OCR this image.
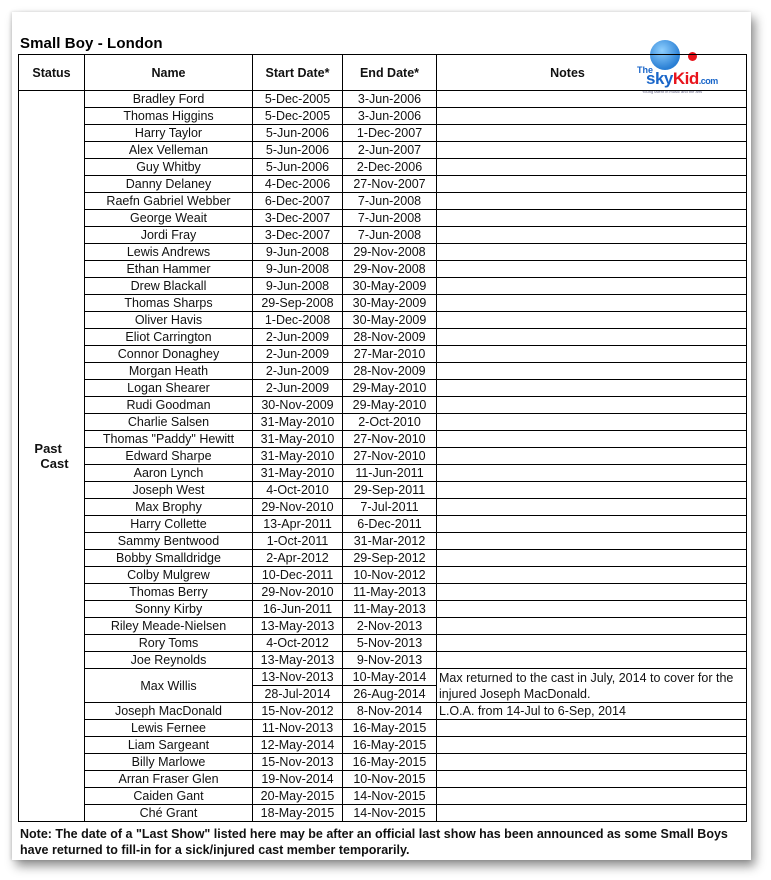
Small Boy - London
The
skyKid.com
Young talent in music and the arts
Status	Name	Start Date*	End Date*	Notes

Past
Cast	Bradley Ford	5-Dec-2005	3-Jun-2006	
	Thomas Higgins	5-Dec-2005	3-Jun-2006	
	Harry Taylor	5-Jun-2006	1-Dec-2007	
	Alex Velleman	5-Jun-2006	2-Jun-2007	
	Guy Whitby	5-Jun-2006	2-Dec-2006	
	Danny Delaney	4-Dec-2006	27-Nov-2007	
	Raefn Gabriel Webber	6-Dec-2007	7-Jun-2008	
	George Weait	3-Dec-2007	7-Jun-2008	
	Jordi Fray	3-Dec-2007	7-Jun-2008	
	Lewis Andrews	9-Jun-2008	29-Nov-2008	
	Ethan Hammer	9-Jun-2008	29-Nov-2008	
	Drew Blackall	9-Jun-2008	30-May-2009	
	Thomas Sharps	29-Sep-2008	30-May-2009	
	Oliver Havis	1-Dec-2008	30-May-2009	
	Eliot Carrington	2-Jun-2009	28-Nov-2009	
	Connor Donaghey	2-Jun-2009	27-Mar-2010	
	Morgan Heath	2-Jun-2009	28-Nov-2009	
	Logan Shearer	2-Jun-2009	29-May-2010	
	Rudi Goodman	30-Nov-2009	29-May-2010	
	Charlie Salsen	31-May-2010	2-Oct-2010	
	Thomas "Paddy" Hewitt	31-May-2010	27-Nov-2010	
	Edward Sharpe	31-May-2010	27-Nov-2010	
	Aaron Lynch	31-May-2010	11-Jun-2011	
	Joseph West	4-Oct-2010	29-Sep-2011	
	Max Brophy	29-Nov-2010	7-Jul-2011	
	Harry Collette	13-Apr-2011	6-Dec-2011	
	Sammy Bentwood	1-Oct-2011	31-Mar-2012	
	Bobby Smalldridge	2-Apr-2012	29-Sep-2012	
	Colby Mulgrew	10-Dec-2011	10-Nov-2012	
	Thomas Berry	29-Nov-2010	11-May-2013	
	Sonny Kirby	16-Jun-2011	11-May-2013	
	Riley Meade-Nielsen	13-May-2013	2-Nov-2013	
	Rory Toms	4-Oct-2012	5-Nov-2013	
	Joe Reynolds	13-May-2013	9-Nov-2013	
	Max Willis	13-Nov-2013	10-May-2014	Max returned to the cast in July, 2014 to cover for the injured Joseph MacDonald.
		28-Jul-2014	26-Aug-2014	
	Joseph MacDonald	15-Nov-2012	8-Nov-2014	L.O.A. from 14-Jul to 6-Sep, 2014
	Lewis Fernee	11-Nov-2013	16-May-2015	
	Liam Sargeant	12-May-2014	16-May-2015	
	Billy Marlowe	15-Nov-2013	16-May-2015	
	Arran Fraser Glen	19-Nov-2014	10-Nov-2015	
	Caiden Gant	20-May-2015	14-Nov-2015	
	Ché Grant	18-May-2015	14-Nov-2015	
Note: The date of a "Last Show" listed here may be after an official last show has been announced as some Small Boys have returned to fill-in for a sick/injured cast member temporarily.
